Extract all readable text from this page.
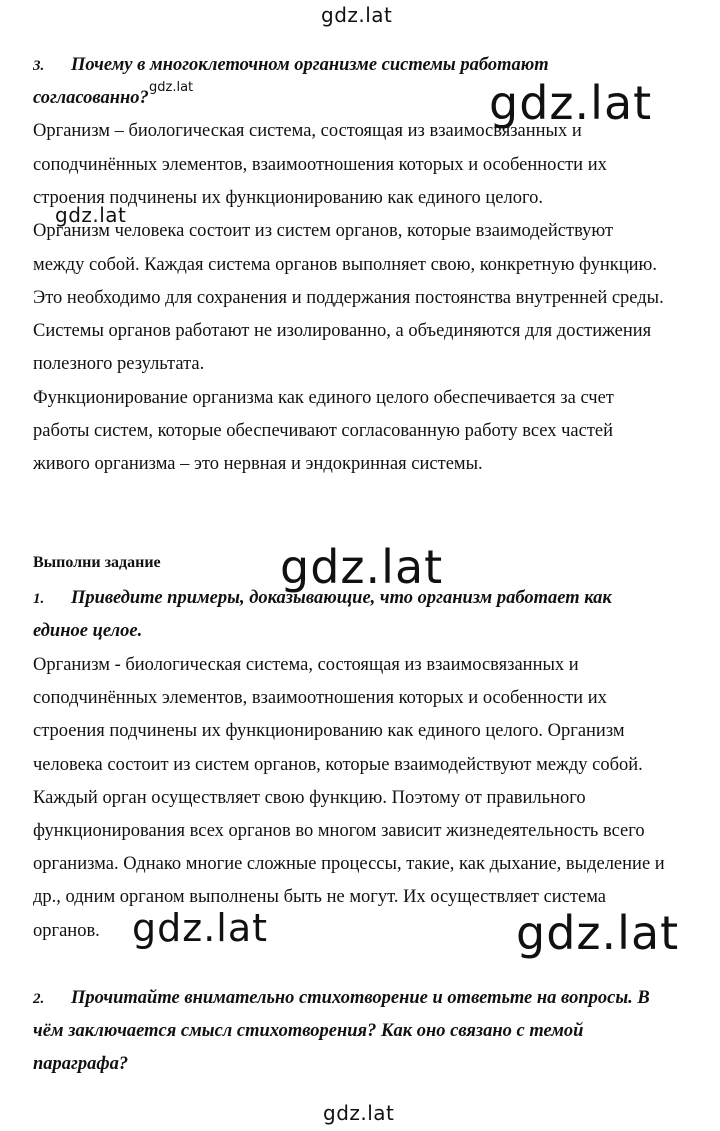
gdz.lat
3. Почему в многоклеточном организме системы работают
согласованно?
gdz.lat	gdz.lat
Организм – биологическая система, состоящая из взаимосвязанных и
соподчинённых элементов, взаимоотношения которых и особенности их
строения подчинены их функционированию как единого целого.
Организм человека состоит из систем органов, которые взаимодействуют
между собой. Каждая система органов выполняет свою, конкретную функцию.
Это необходимо для сохранения и поддержания постоянства внутренней среды.
Системы органов работают не изолированно, а объединяются для достижения
полезного результата.
Функционирование организма как единого целого обеспечивается за счет
работы систем, которые обеспечивают согласованную работу всех частей
живого организма – это нервная и эндокринная системы.
gdz.lat
Выполни задание	gdz.lat
1. Приведите примеры, доказывающие, что организм работает как
единое целое.
Организм - биологическая система, состоящая из взаимосвязанных и
соподчинённых элементов, взаимоотношения которых и особенности их
строения подчинены их функционированию как единого целого. Организм
человека состоит из систем органов, которые взаимодействуют между собой.
Каждый орган осуществляет свою функцию. Поэтому от правильного
функционирования всех органов во многом зависит жизнедеятельность всего
организма. Однако многие сложные процессы, такие, как дыхание, выделение и
др., одним органом выполнены быть не могут. Их осуществляет система
органов. gdz.lat	gdz.lat
2. Прочитайте внимательно стихотворение и ответьте на вопросы. В
чём заключается смысл стихотворения? Как оно связано с темой
параграфа?
gdz.lat
